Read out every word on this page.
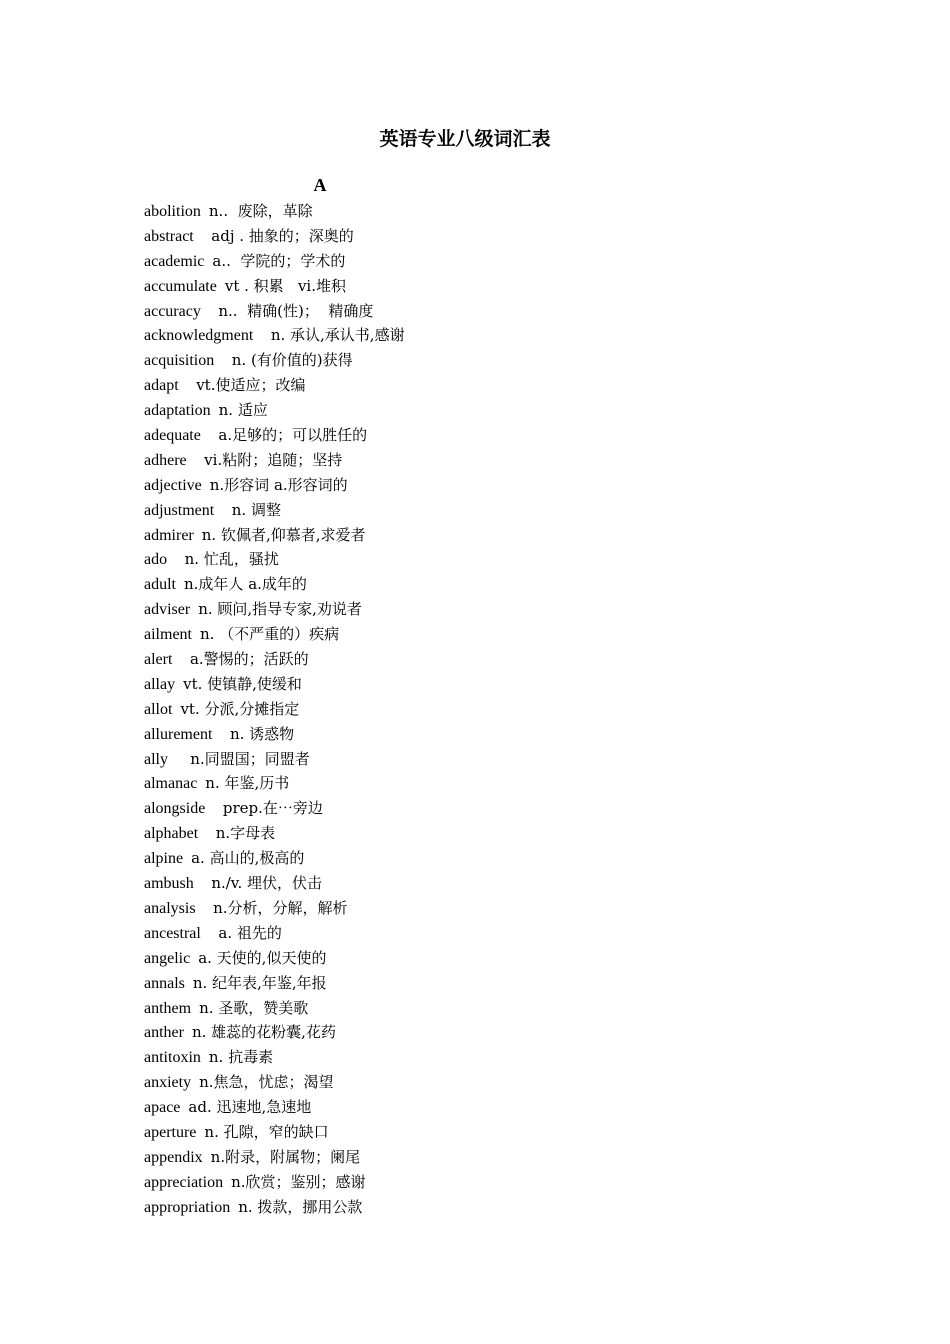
英语专业八级词汇表
A
abolition n..  废除，革除
abstract    adj . 抽象的；深奥的
academic a..  学院的；学术的
accumulate vt . 积累   vi.堆积
accuracy    n..  精确(性)；  精确度
acknowledgment    n. 承认,承认书,感谢
acquisition    n. (有价值的)获得
adapt    vt.使适应；改编
adaptation n. 适应
adequate    a.足够的；可以胜任的
adhere    vi.粘附；追随；坚持
adjective n.形容词 a.形容词的
adjustment    n. 调整
admirer n. 钦佩者,仰慕者,求爱者
ado    n. 忙乱，骚扰
adult n.成年人 a.成年的
adviser n. 顾问,指导专家,劝说者
ailment n. （不严重的）疾病
alert    a.警惕的；活跃的
allay vt. 使镇静,使缓和
allot vt. 分派,分摊指定
allurement    n. 诱惑物
ally     n.同盟国；同盟者
almanac n. 年鉴,历书
alongside    prep.在⋯旁边
alphabet    n.字母表
alpine a. 高山的,极高的
ambush    n./v. 埋伏，伏击
analysis    n.分析，分解，解析
ancestral    a. 祖先的
angelic a. 天使的,似天使的
annals n. 纪年表,年鉴,年报
anthem n. 圣歌，赞美歌
anther n. 雄蕊的花粉囊,花药
antitoxin n. 抗毒素
anxiety n.焦急，忧虑；渴望
apace ad. 迅速地,急速地
aperture n. 孔隙，窄的缺口
appendix n.附录，附属物；阑尾
appreciation n.欣赏；鉴别；感谢
appropriation n. 拨款，挪用公款
